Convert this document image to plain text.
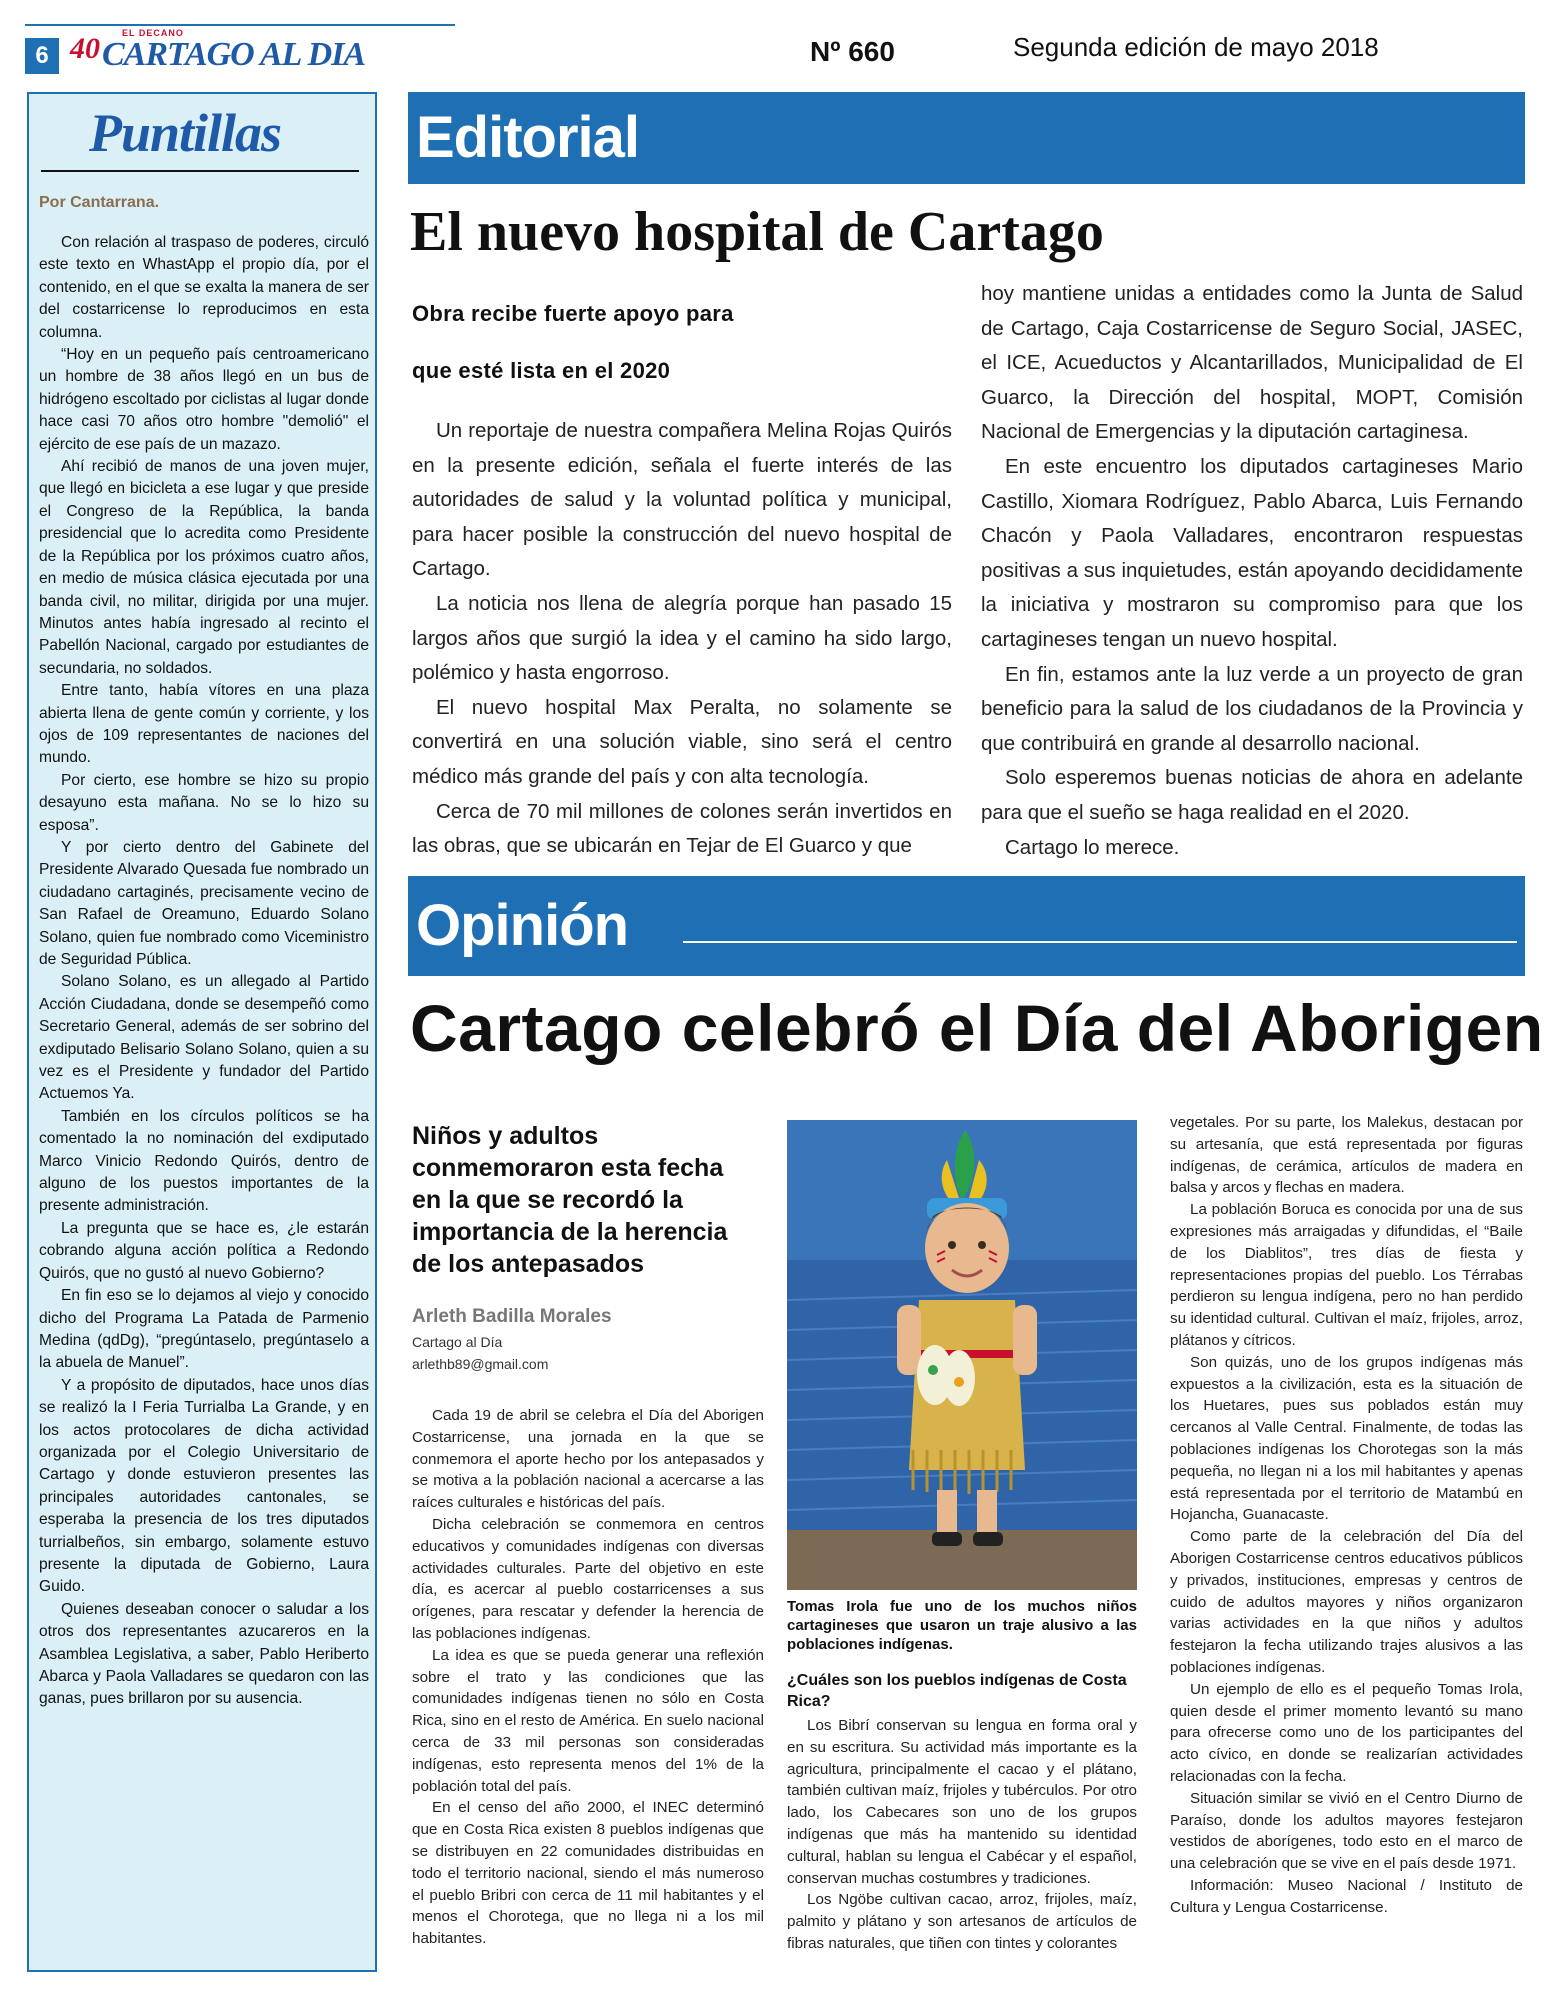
6
EL DECANO
40 CARTAGO AL DIA	Nº 660	Segunda edición de mayo 2018
Puntillas
Por Cantarrana.

Con relación al traspaso de poderes, circuló este texto en WhastApp el propio día, por el contenido, en el que se exalta la manera de ser del costarricense lo reproducimos en esta columna.

“Hoy en un pequeño país centroamericano un hombre de 38 años llegó en un bus de hidrógeno escoltado por ciclistas al lugar donde hace casi 70 años otro hombre "demolió" el ejército de ese país de un mazazo.

Ahí recibió de manos de una joven mujer, que llegó en bicicleta a ese lugar y que preside el Congreso de la República, la banda presidencial que lo acredita como Presidente de la República por los próximos cuatro años, en medio de música clásica ejecutada por una banda civil, no militar, dirigida por una mujer. Minutos antes había ingresado al recinto el Pabellón Nacional, cargado por estudiantes de secundaria, no soldados.

Entre tanto, había vítores en una plaza abierta llena de gente común y corriente, y los ojos de 109 representantes de naciones del mundo.

Por cierto, ese hombre se hizo su propio desayuno esta mañana. No se lo hizo su esposa”.

Y por cierto dentro del Gabinete del Presidente Alvarado Quesada fue nombrado un ciudadano cartaginés, precisamente vecino de San Rafael de Oreamuno, Eduardo Solano Solano, quien fue nombrado como Viceministro de Seguridad Pública.

Solano Solano, es un allegado al Partido Acción Ciudadana, donde se desempeñó como Secretario General, además de ser sobrino del exdiputado Belisario Solano Solano, quien a su vez es el Presidente y fundador del Partido Actuemos Ya.

También en los círculos políticos se ha comentado la no nominación del exdiputado Marco Vinicio Redondo Quirós, dentro de alguno de los puestos importantes de la presente administración.

La pregunta que se hace es, ¿le estarán cobrando alguna acción política a Redondo Quirós, que no gustó al nuevo Gobierno?

En fin eso se lo dejamos al viejo y conocido dicho del Programa La Patada de Parmenio Medina (qdDg), “pregúntaselo, pregúntaselo a la abuela de Manuel”.

Y a propósito de diputados, hace unos días se realizó la I Feria Turrialba La Grande, y en los actos protocolares de dicha actividad organizada por el Colegio Universitario de Cartago y donde estuvieron presentes las principales autoridades cantonales, se esperaba la presencia de los tres diputados turrialbeños, sin embargo, solamente estuvo presente la diputada de Gobierno, Laura Guido.

Quienes deseaban conocer o saludar a los otros dos representantes azucareros en la Asamblea Legislativa, a saber, Pablo Heriberto Abarca y Paola Valladares se quedaron con las ganas, pues brillaron por su ausencia.

Editorial
El nuevo hospital de Cartago
Obra recibe fuerte apoyo para
que esté lista en el 2020

Un reportaje de nuestra compañera Melina Rojas Quirós en la presente edición, señala el fuerte interés de las autoridades de salud y la voluntad política y municipal, para hacer posible la construcción del nuevo hospital de Cartago.

La noticia nos llena de alegría porque han pasado 15 largos años que surgió la idea y el camino ha sido largo, polémico y hasta engorroso.

El nuevo hospital Max Peralta, no solamente se convertirá en una solución viable, sino será el centro médico más grande del país y con alta tecnología.

Cerca de 70 mil millones de colones serán invertidos en las obras, que se ubicarán en Tejar de El Guarco y que

hoy mantiene unidas a entidades como la Junta de Salud de Cartago, Caja Costarricense de Seguro Social, JASEC, el ICE, Acueductos y Alcantarillados, Municipalidad de El Guarco, la Dirección del hospital, MOPT, Comisión Nacional de Emergencias y la diputación cartaginesa.

En este encuentro los diputados cartagineses Mario Castillo, Xiomara Rodríguez, Pablo Abarca, Luis Fernando Chacón y Paola Valladares, encontraron respuestas positivas a sus inquietudes, están apoyando decididamente la iniciativa y mostraron su compromiso para que los cartagineses tengan un nuevo hospital.

En fin, estamos ante la luz verde a un proyecto de gran beneficio para la salud de los ciudadanos de la Provincia y que contribuirá en grande al desarrollo nacional.

Solo esperemos buenas noticias de ahora en adelante para que el sueño se haga realidad en el 2020.

Cartago lo merece.

Opinión
Cartago celebró el Día del Aborigen
Niños y adultos conmemoraron esta fecha en la que se recordó la importancia de la herencia de los antepasados
Arleth Badilla Morales
Cartago al Día
arlethb89@gmail.com

Cada 19 de abril se celebra el Día del Aborigen Costarricense, una jornada en la que se conmemora el aporte hecho por los antepasados y se motiva a la población nacional a acercarse a las raíces culturales e históricas del país.

Dicha celebración se conmemora en centros educativos y comunidades indígenas con diversas actividades culturales. Parte del objetivo en este día, es acercar al pueblo costarricenses a sus orígenes, para rescatar y defender la herencia de las poblaciones indígenas.

La idea es que se pueda generar una reflexión sobre el trato y las condiciones que las comunidades indígenas tienen no sólo en Costa Rica, sino en el resto de América. En suelo nacional cerca de 33 mil personas son consideradas indígenas, esto representa menos del 1% de la población total del país.

En el censo del año 2000, el INEC determinó que en Costa Rica existen 8 pueblos indígenas que se distribuyen en 22 comunidades distribuidas en todo el territorio nacional, siendo el más numeroso el pueblo Bribri con cerca de 11 mil habitantes y el menos el Chorotega, que no llega ni a los mil habitantes.

Tomas Irola fue uno de los muchos niños cartagineses que usaron un traje alusivo a las poblaciones indígenas.
¿Cuáles son los pueblos indígenas de Costa Rica?

Los Bibrí conservan su lengua en forma oral y en su escritura. Su actividad más importante es la agricultura, principalmente el cacao y el plátano, también cultivan maíz, frijoles y tubérculos. Por otro lado, los Cabecares son uno de los grupos indígenas que más ha mantenido su identidad cultural, hablan su lengua el Cabécar y el español, conservan muchas costumbres y tradiciones.

Los Ngöbe cultivan cacao, arroz, frijoles, maíz, palmito y plátano y son artesanos de artículos de fibras naturales, que tiñen con tintes y colorantes

vegetales. Por su parte, los Malekus, destacan por su artesanía, que está representada por figuras indígenas, de cerámica, artículos de madera en balsa y arcos y flechas en madera.

La población Boruca es conocida por una de sus expresiones más arraigadas y difundidas, el “Baile de los Diablitos”, tres días de fiesta y representaciones propias del pueblo. Los Térrabas perdieron su lengua indígena, pero no han perdido su identidad cultural. Cultivan el maíz, frijoles, arroz, plátanos y cítricos.

Son quizás, uno de los grupos indígenas más expuestos a la civilización, esta es la situación de los Huetares, pues sus poblados están muy cercanos al Valle Central. Finalmente, de todas las poblaciones indígenas los Chorotegas son la más pequeña, no llegan ni a los mil habitantes y apenas está representada por el territorio de Matambú en Hojancha, Guanacaste.

Como parte de la celebración del Día del Aborigen Costarricense centros educativos públicos y privados, instituciones, empresas y centros de cuido de adultos mayores y niños organizaron varias actividades en la que niños y adultos festejaron la fecha utilizando trajes alusivos a las poblaciones indígenas.

Un ejemplo de ello es el pequeño Tomas Irola, quien desde el primer momento levantó su mano para ofrecerse como uno de los participantes del acto cívico, en donde se realizarían actividades relacionadas con la fecha.

Situación similar se vivió en el Centro Diurno de Paraíso, donde los adultos mayores festejaron vestidos de aborígenes, todo esto en el marco de una celebración que se vive en el país desde 1971.

Información: Museo Nacional / Instituto de Cultura y Lengua Costarricense.
